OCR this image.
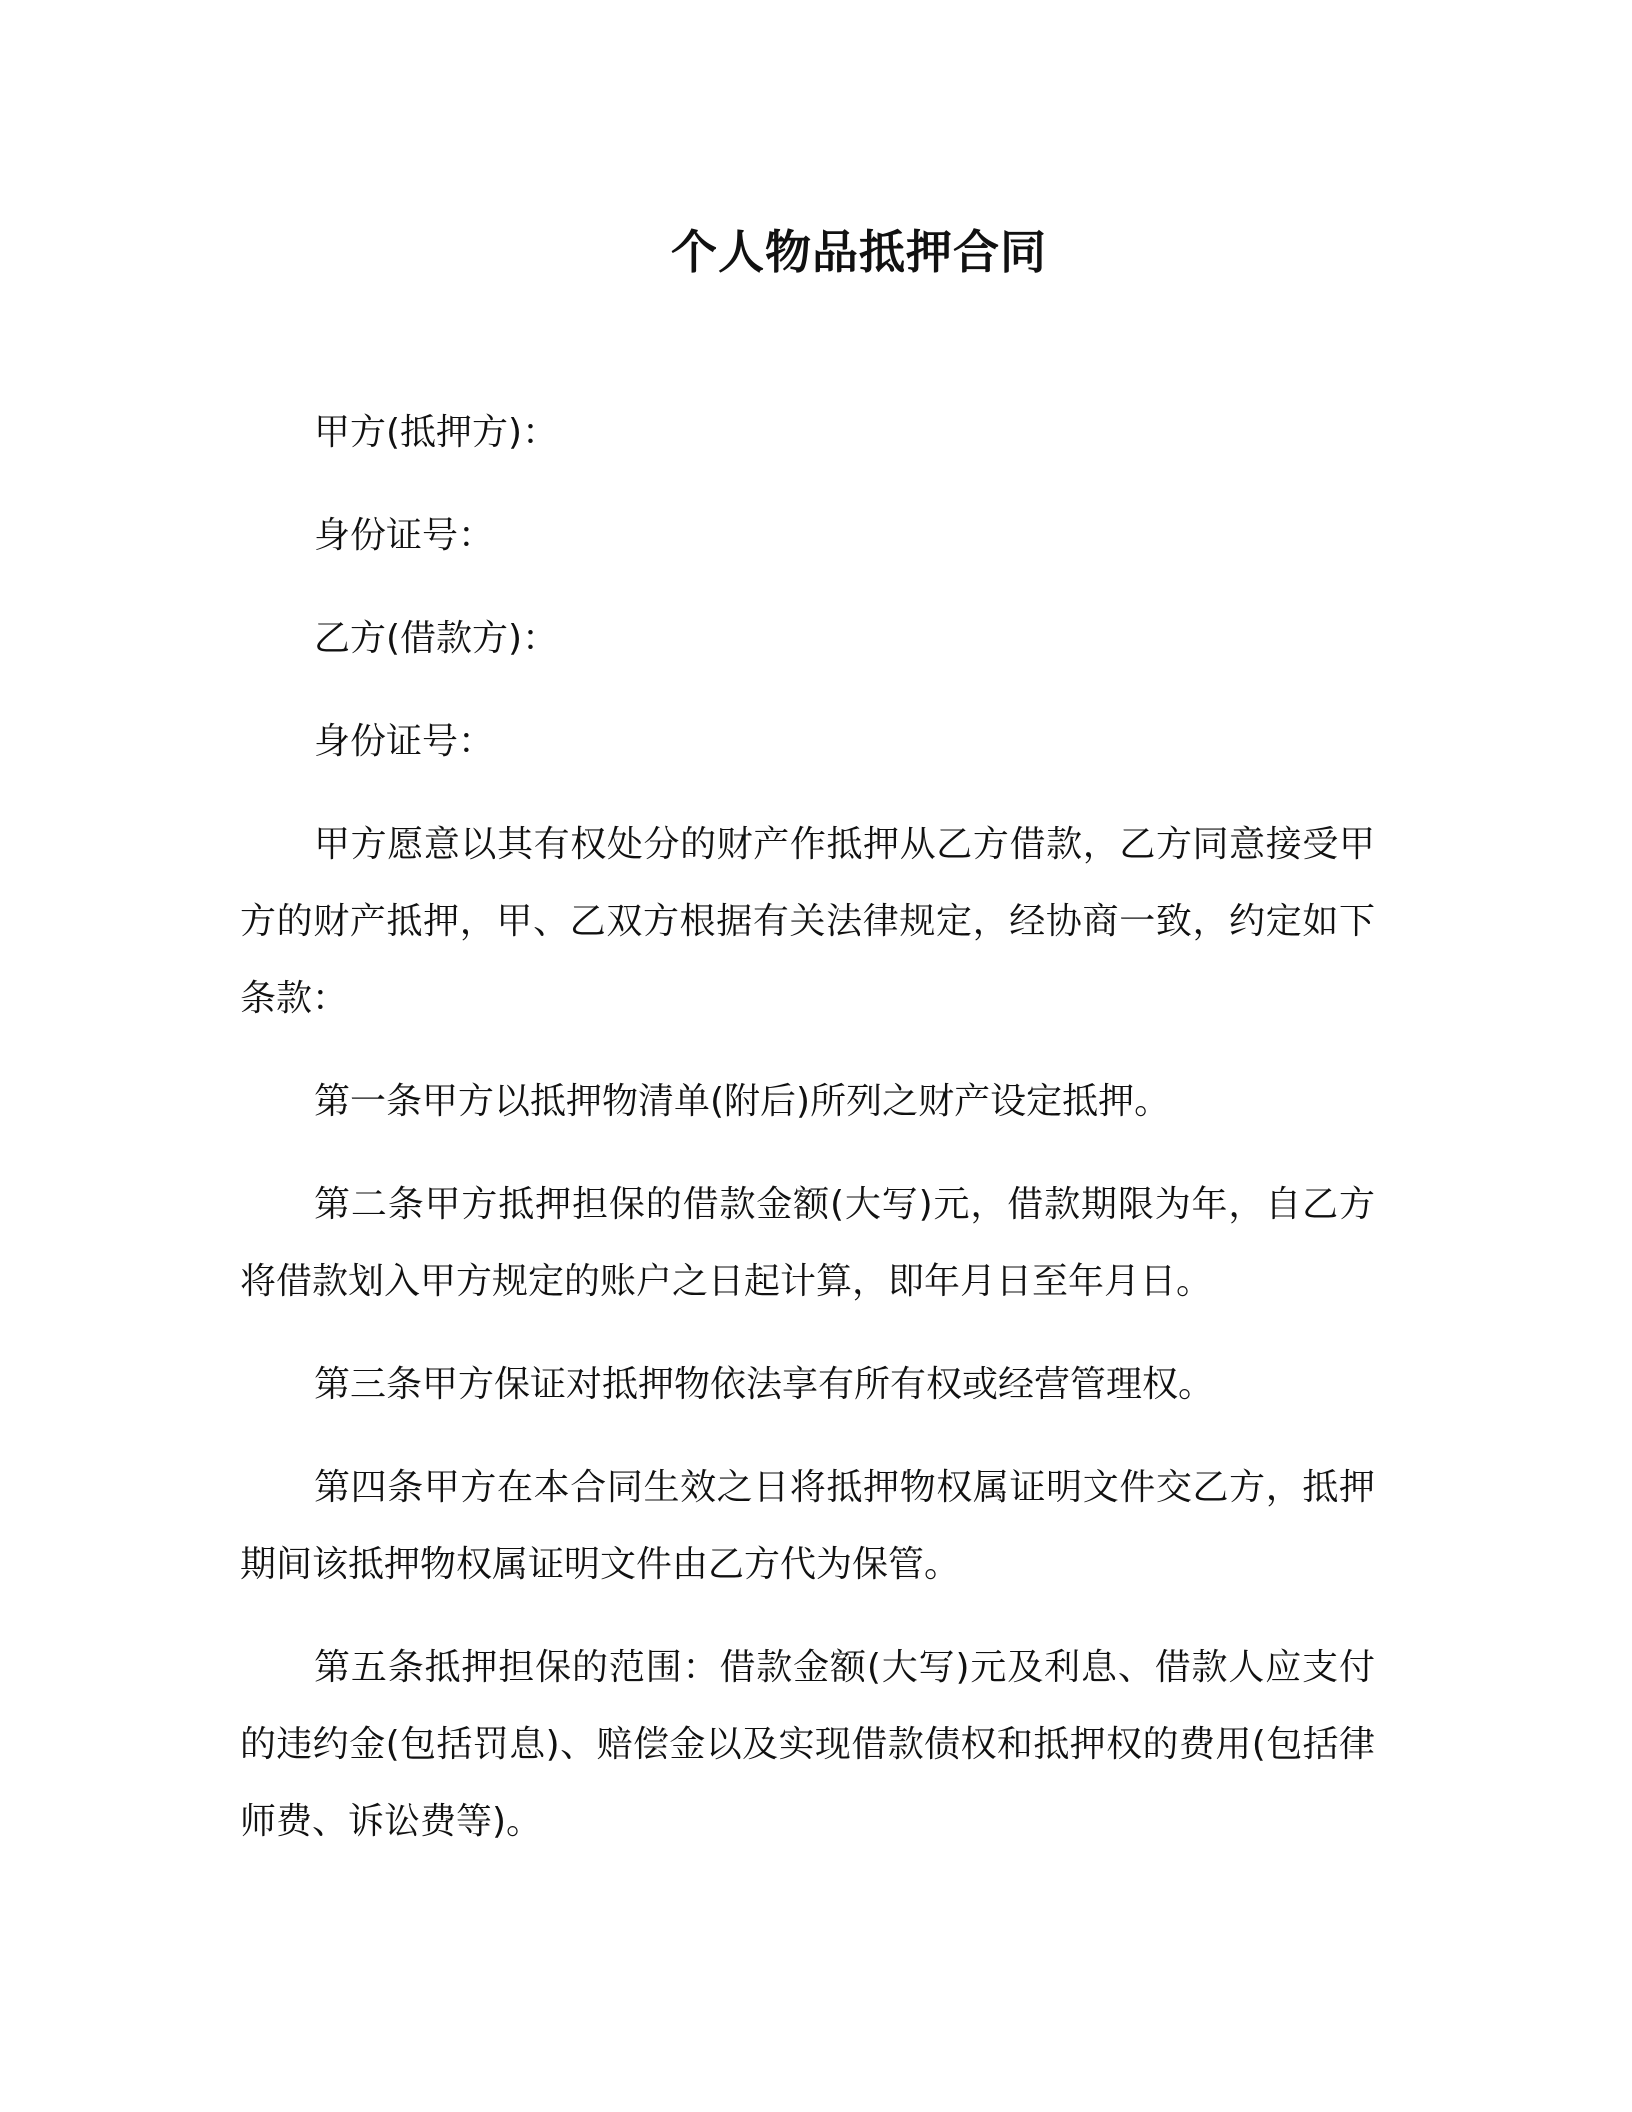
个人物品抵押合同

甲方(抵押方)：

身份证号：

乙方(借款方)：

身份证号：

甲方愿意以其有权处分的财产作抵押从乙方借款，乙方同意接受甲方的财产抵押，甲、乙双方根据有关法律规定，经协商一致，约定如下条款：

第一条甲方以抵押物清单(附后)所列之财产设定抵押。

第二条甲方抵押担保的借款金额(大写)元，借款期限为年，自乙方将借款划入甲方规定的账户之日起计算，即年月日至年月日。

第三条甲方保证对抵押物依法享有所有权或经营管理权。

第四条甲方在本合同生效之日将抵押物权属证明文件交乙方，抵押期间该抵押物权属证明文件由乙方代为保管。

第五条抵押担保的范围：借款金额(大写)元及利息、借款人应支付的违约金(包括罚息)、赔偿金以及实现借款债权和抵押权的费用(包括律师费、诉讼费等)。
